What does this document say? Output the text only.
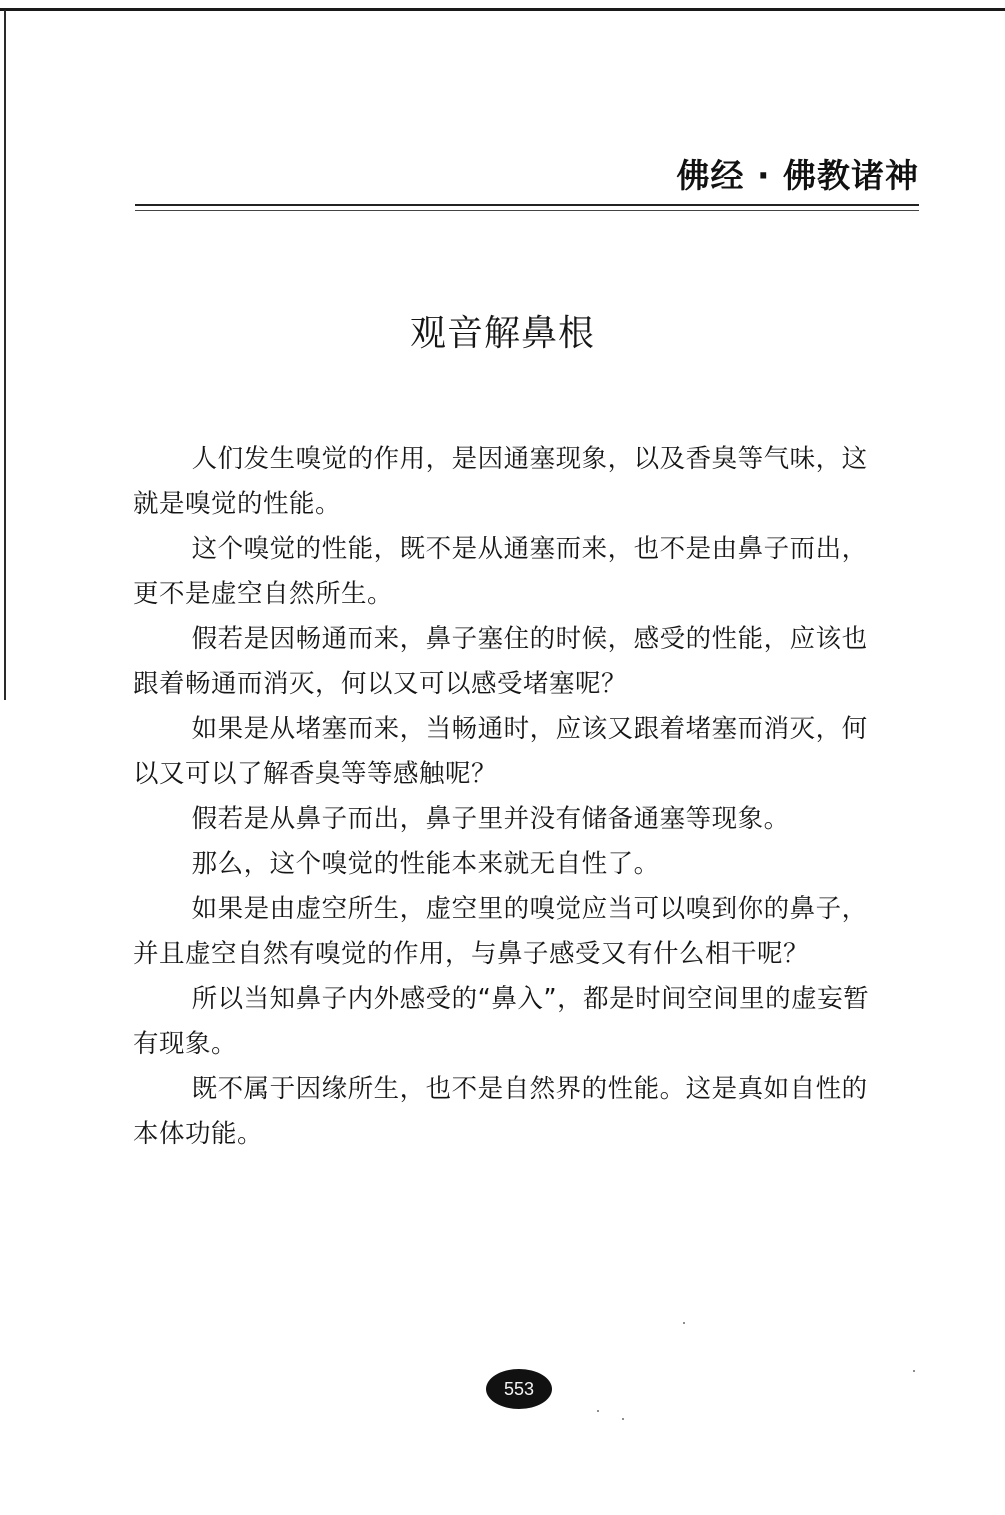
佛经 · 佛教诸神
观音解鼻根

人们发生嗅觉的作用，是因通塞现象，以及香臭等气味，这就是嗅觉的性能。

这个嗅觉的性能，既不是从通塞而来，也不是由鼻子而出，更不是虚空自然所生。

假若是因畅通而来，鼻子塞住的时候，感受的性能，应该也跟着畅通而消灭，何以又可以感受堵塞呢？

如果是从堵塞而来，当畅通时，应该又跟着堵塞而消灭，何以又可以了解香臭等等感触呢？

假若是从鼻子而出，鼻子里并没有储备通塞等现象。

那么，这个嗅觉的性能本来就无自性了。

如果是由虚空所生，虚空里的嗅觉应当可以嗅到你的鼻子，并且虚空自然有嗅觉的作用，与鼻子感受又有什么相干呢？

所以当知鼻子内外感受的“鼻入”，都是时间空间里的虚妄暂有现象。

既不属于因缘所生，也不是自然界的性能。这是真如自性的本体功能。

553
